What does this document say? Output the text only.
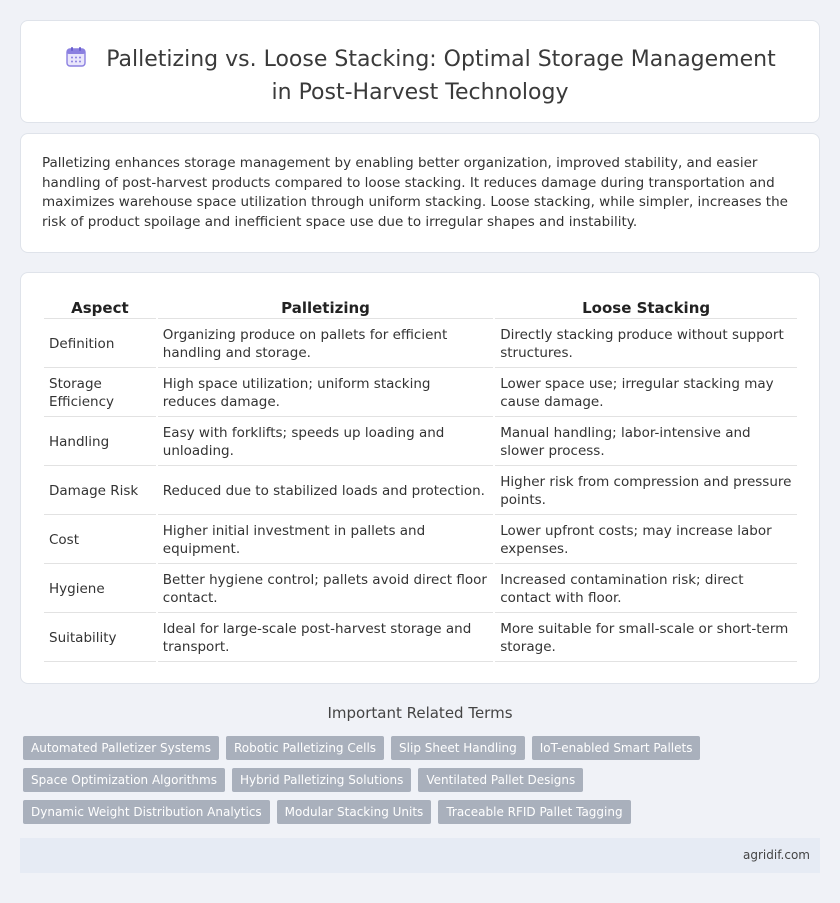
Palletizing vs. Loose Stacking: Optimal Storage Management in Post-Harvest Technology

Palletizing enhances storage management by enabling better organization, improved stability, and easier handling of post-harvest products compared to loose stacking. It reduces damage during transportation and maximizes warehouse space utilization through uniform stacking. Loose stacking, while simpler, increases the risk of product spoilage and inefficient space use due to irregular shapes and instability.

Aspect	Palletizing	Loose Stacking
Definition	Organizing produce on pallets for efficient handling and storage.	Directly stacking produce without support structures.
Storage Efficiency	High space utilization; uniform stacking reduces damage.	Lower space use; irregular stacking may cause damage.
Handling	Easy with forklifts; speeds up loading and unloading.	Manual handling; labor-intensive and slower process.
Damage Risk	Reduced due to stabilized loads and protection.	Higher risk from compression and pressure points.
Cost	Higher initial investment in pallets and equipment.	Lower upfront costs; may increase labor expenses.
Hygiene	Better hygiene control; pallets avoid direct floor contact.	Increased contamination risk; direct contact with floor.
Suitability	Ideal for large-scale post-harvest storage and transport.	More suitable for small-scale or short-term storage.
Important Related Terms
Automated Palletizer Systems	Robotic Palletizing Cells	Slip Sheet Handling	IoT-enabled Smart Pallets
Space Optimization Algorithms	Hybrid Palletizing Solutions	Ventilated Pallet Designs
Dynamic Weight Distribution Analytics	Modular Stacking Units	Traceable RFID Pallet Tagging
agridif.com
